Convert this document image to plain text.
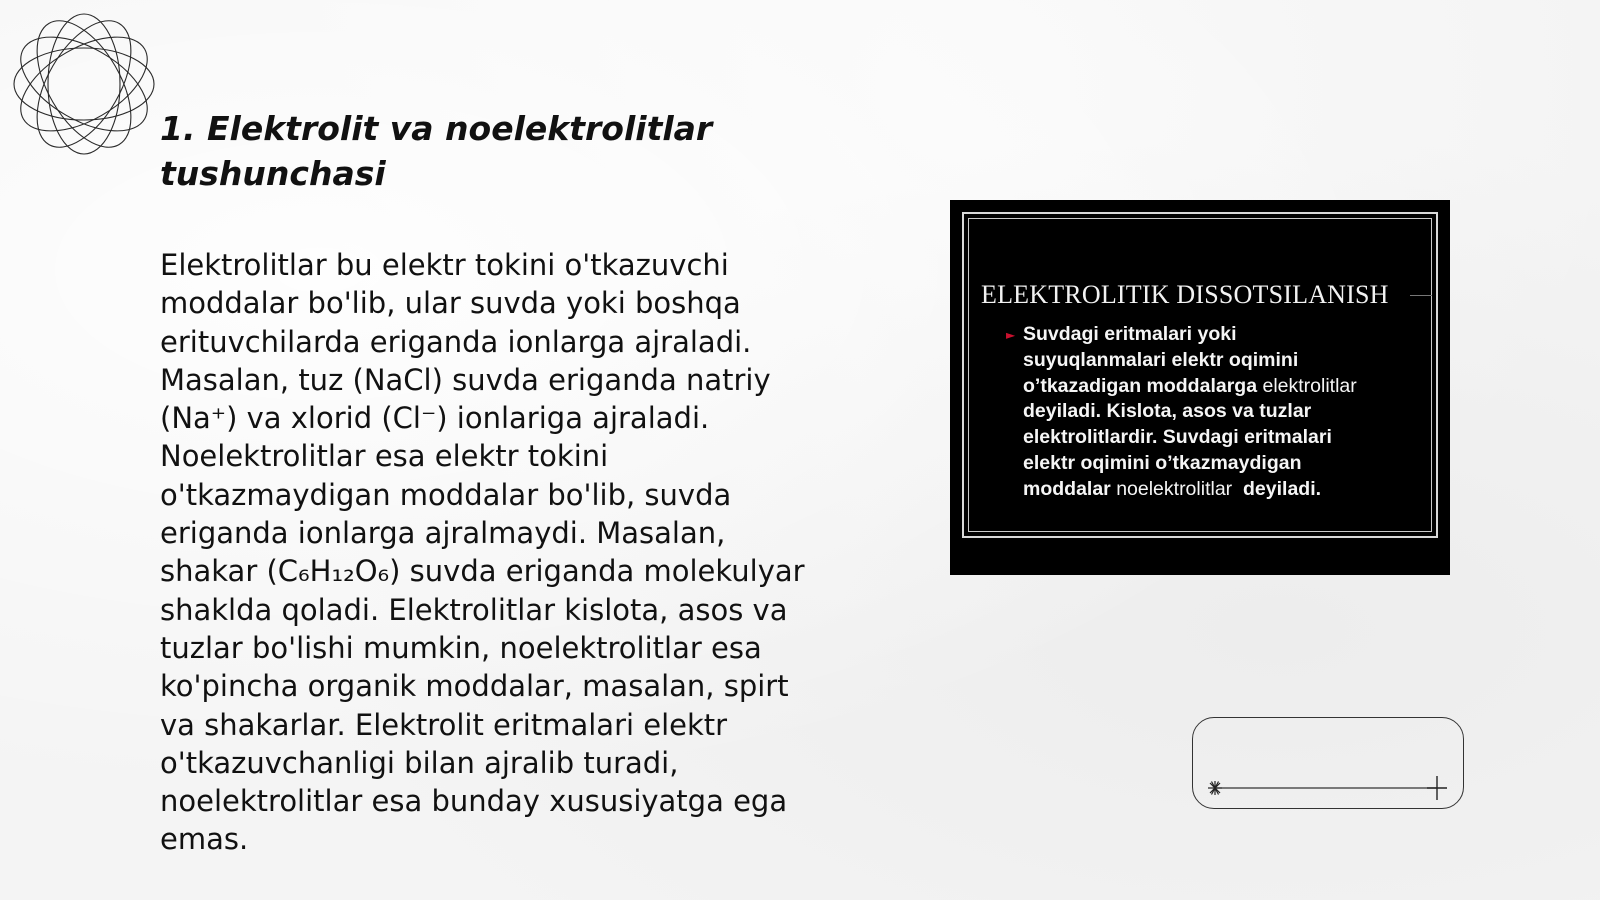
1. Elektrolit va noelektrolitlar
tushunchasi
Elektrolitlar bu elektr tokini o'tkazuvchi
moddalar bo'lib, ular suvda yoki boshqa
erituvchilarda eriganda ionlarga ajraladi.
Masalan, tuz (NaCl) suvda eriganda natriy
(Na⁺) va xlorid (Cl⁻) ionlariga ajraladi.
Noelektrolitlar esa elektr tokini
o'tkazmaydigan moddalar bo'lib, suvda
eriganda ionlarga ajralmaydi. Masalan,
shakar (C₆H₁₂O₆) suvda eriganda molekulyar
shaklda qoladi. Elektrolitlar kislota, asos va
tuzlar bo'lishi mumkin, noelektrolitlar esa
ko'pincha organik moddalar, masalan, spirt
va shakarlar. Elektrolit eritmalari elektr
o'tkazuvchanligi bilan ajralib turadi,
noelektrolitlar esa bunday xususiyatga ega
emas.
ELEKTROLITIK DISSOTSILANISH
► Suvdagi eritmalari yoki
suyuqlanmalari elektr oqimini
o’tkazadigan moddalarga elektrolitlar
deyiladi. Kislota, asos va tuzlar
elektrolitlardir. Suvdagi eritmalari
elektr oqimini o’tkazmaydigan
moddalar noelektrolitlar  deyiladi.
